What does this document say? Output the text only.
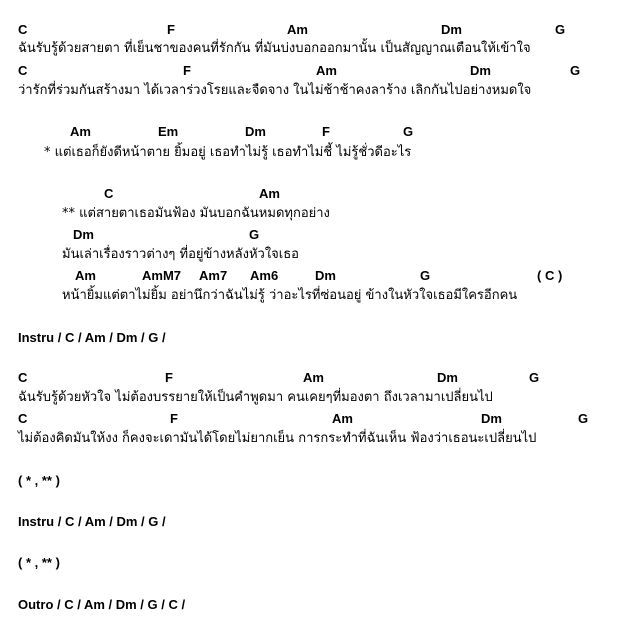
C	F	Am	Dm	G
ฉันรับรู้ด้วยสายตา ที่เย็นชาของคนที่รักกัน ที่มันบ่งบอกออกมานั้น เป็นสัญญาณเตือนให้เข้าใจ
C	F	Am	Dm	G
ว่ารักที่ร่วมกันสร้างมา ได้เวลาร่วงโรยและจืดจาง ในไม่ช้าช้าคงลาร้าง เลิกกันไปอย่างหมดใจ
Am	Em	Dm	F	G
* แต่เธอก็ยังดีหน้าตาย ยิ้มอยู่ เธอทำไม่รู้ เธอทำไม่ชี้ ไม่รู้ชั่วดีอะไร
C	Am
** แต่สายตาเธอมันฟ้อง มันบอกฉันหมดทุกอย่าง
Dm	G
มันเล่าเรื่องราวต่างๆ ที่อยู่ข้างหลังหัวใจเธอ
Am	AmM7 Am7 Am6	Dm	G	( C )
หน้ายิ้มแต่ตาไม่ยิ้ม อย่านึกว่าฉันไม่รู้ ว่าอะไรที่ซ่อนอยู่ ข้างในหัวใจเธอมีใครอีกคน
Instru / C / Am / Dm / G /
C	F	Am	Dm	G
ฉันรับรู้ด้วยหัวใจ ไม่ต้องบรรยายให้เป็นคำพูดมา คนเคยๆที่มองตา ถึงเวลามาเปลี่ยนไป
C	F	Am	Dm	G
ไม่ต้องคิดมันให้งง ก็คงจะเดามันได้โดยไม่ยากเย็น การกระทำที่ฉันเห็น ฟ้องว่าเธอนะเปลี่ยนไป
( * , ** )
Instru / C / Am / Dm / G /
( * , ** )
Outro / C / Am / Dm / G / C /
